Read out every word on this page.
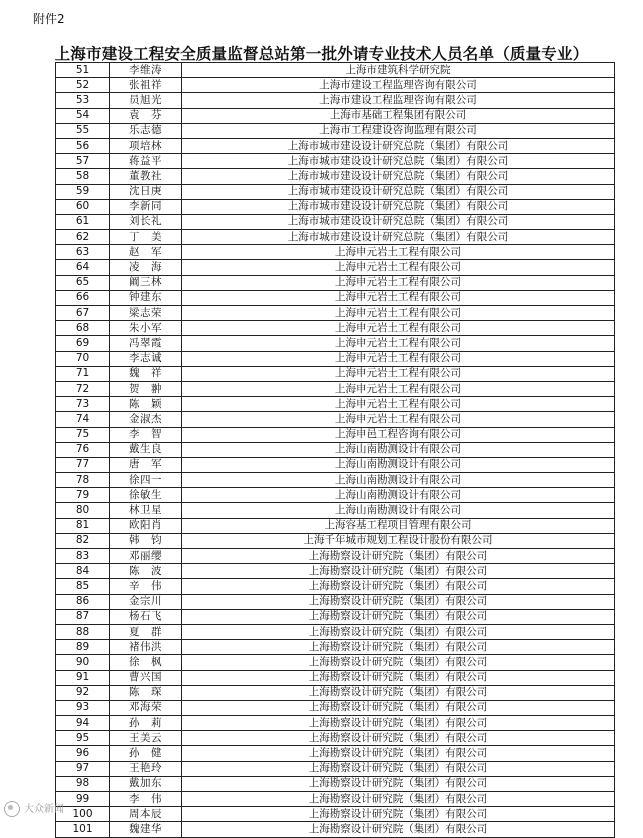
附件2
上海市建设工程安全质量监督总站第一批外请专业技术人员名单（质量专业）
51	李维涛	上海市建筑科学研究院
52	张祖祥	上海市建设工程监理咨询有限公司
53	员旭光	上海市建设工程监理咨询有限公司
54	袁　芬	上海市基础工程集团有限公司
55	乐志德	上海市工程建设咨询监理有限公司
56	项培林	上海市城市建设设计研究总院（集团）有限公司
57	蒋益平	上海市城市建设设计研究总院（集团）有限公司
58	董教社	上海市城市建设设计研究总院（集团）有限公司
59	沈日庚	上海市城市建设设计研究总院（集团）有限公司
60	李新同	上海市城市建设设计研究总院（集团）有限公司
61	刘长礼	上海市城市建设设计研究总院（集团）有限公司
62	丁　美	上海市城市建设设计研究总院（集团）有限公司
63	赵　军	上海申元岩土工程有限公司
64	凌　海	上海申元岩土工程有限公司
65	阚三林	上海申元岩土工程有限公司
66	钟建东	上海申元岩土工程有限公司
67	梁志荣	上海申元岩土工程有限公司
68	朱小军	上海申元岩土工程有限公司
69	冯翠霞	上海申元岩土工程有限公司
70	李志诚	上海申元岩土工程有限公司
71	魏　祥	上海申元岩土工程有限公司
72	贺　翀	上海申元岩土工程有限公司
73	陈　颖	上海申元岩土工程有限公司
74	金淑杰	上海申元岩土工程有限公司
75	李　智	上海申邑工程咨询有限公司
76	戴生良	上海山南勘测设计有限公司
77	唐　军	上海山南勘测设计有限公司
78	徐四一	上海山南勘测设计有限公司
79	徐敏生	上海山南勘测设计有限公司
80	林卫星	上海山南勘测设计有限公司
81	欧阳肖	上海容基工程项目管理有限公司
82	韩　钧	上海千年城市规划工程设计股份有限公司
83	邓丽缨	上海勘察设计研究院（集团）有限公司
84	陈　波	上海勘察设计研究院（集团）有限公司
85	辛　伟	上海勘察设计研究院（集团）有限公司
86	金宗川	上海勘察设计研究院（集团）有限公司
87	杨石飞	上海勘察设计研究院（集团）有限公司
88	夏　群	上海勘察设计研究院（集团）有限公司
89	褚伟洪	上海勘察设计研究院（集团）有限公司
90	徐　枫	上海勘察设计研究院（集团）有限公司
91	曹兴国	上海勘察设计研究院（集团）有限公司
92	陈　琛	上海勘察设计研究院（集团）有限公司
93	邓海荣	上海勘察设计研究院（集团）有限公司
94	孙　莉	上海勘察设计研究院（集团）有限公司
95	王美云	上海勘察设计研究院（集团）有限公司
96	孙　健	上海勘察设计研究院（集团）有限公司
97	王艳玲	上海勘察设计研究院（集团）有限公司
98	戴加东	上海勘察设计研究院（集团）有限公司
99	李　伟	上海勘察设计研究院（集团）有限公司
100	周本辰	上海勘察设计研究院（集团）有限公司
101	魏建华	上海勘察设计研究院（集团）有限公司
大众新闻
